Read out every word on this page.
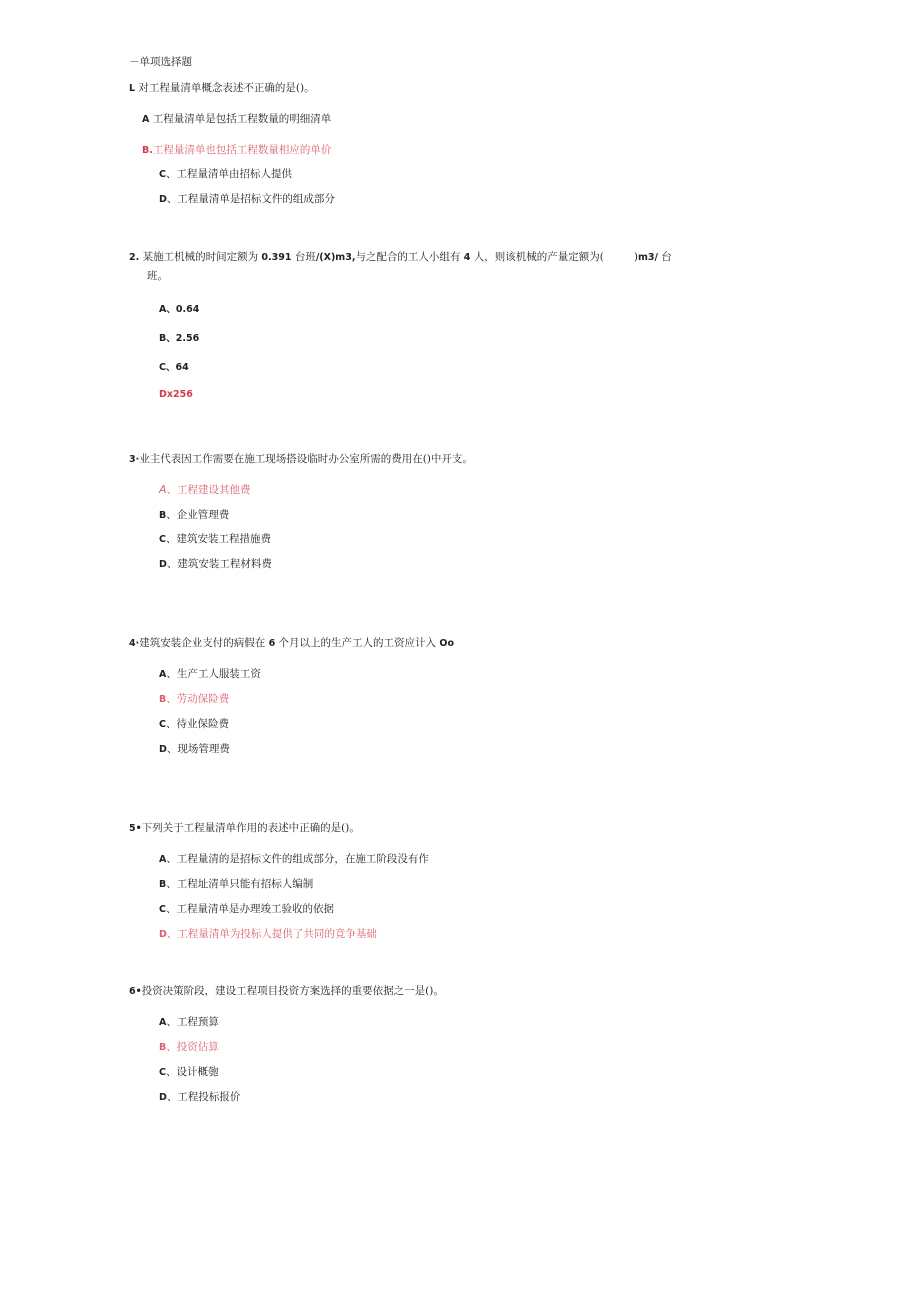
－单项选择题
L 对工程量清单概念表述不正确的是()。
A 工程量清单是包括工程数量的明细清单
B.工程量清单也包括工程数量相应的单价
C、工程量清单由招标人提供
D、工程量清单是招标文件的组成部分
2. 某施工机械的时间定额为 0.391 台班/(X)m3,与之配合的工人小组有 4 人，则该机械的产量定额为(	)m3/ 台
班。
A、0.64
B、2.56
C、64
Dx256
3·业主代表因工作需要在施工现场搭设临时办公室所需的费用在()中开支。
A、工程建设其他费
B、企业管理费
C、建筑安装工程措施费
D、建筑安装工程材料费
4·建筑安装企业支付的病假在 6 个月以上的生产工人的工资应计入 Oo
A、生产工人服装工资
B、劳动保险费
C、待业保险费
D、现场管理费
5•下列关于工程量清单作用的表述中正确的是()。
A、工程量清的是招标文件的组成部分，在施工阶段没有作
B、工程址清单只能有招标人编制
C、工程量清单是办理竣工验收的依据
D、工程量清单为投标人提供了共同的竞争基础
6•投资决策阶段，建设工程项目投资方案选择的重要依据之一是()。
A、工程预算
B、投资估算
C、设计概匏
D、工程投标报价
